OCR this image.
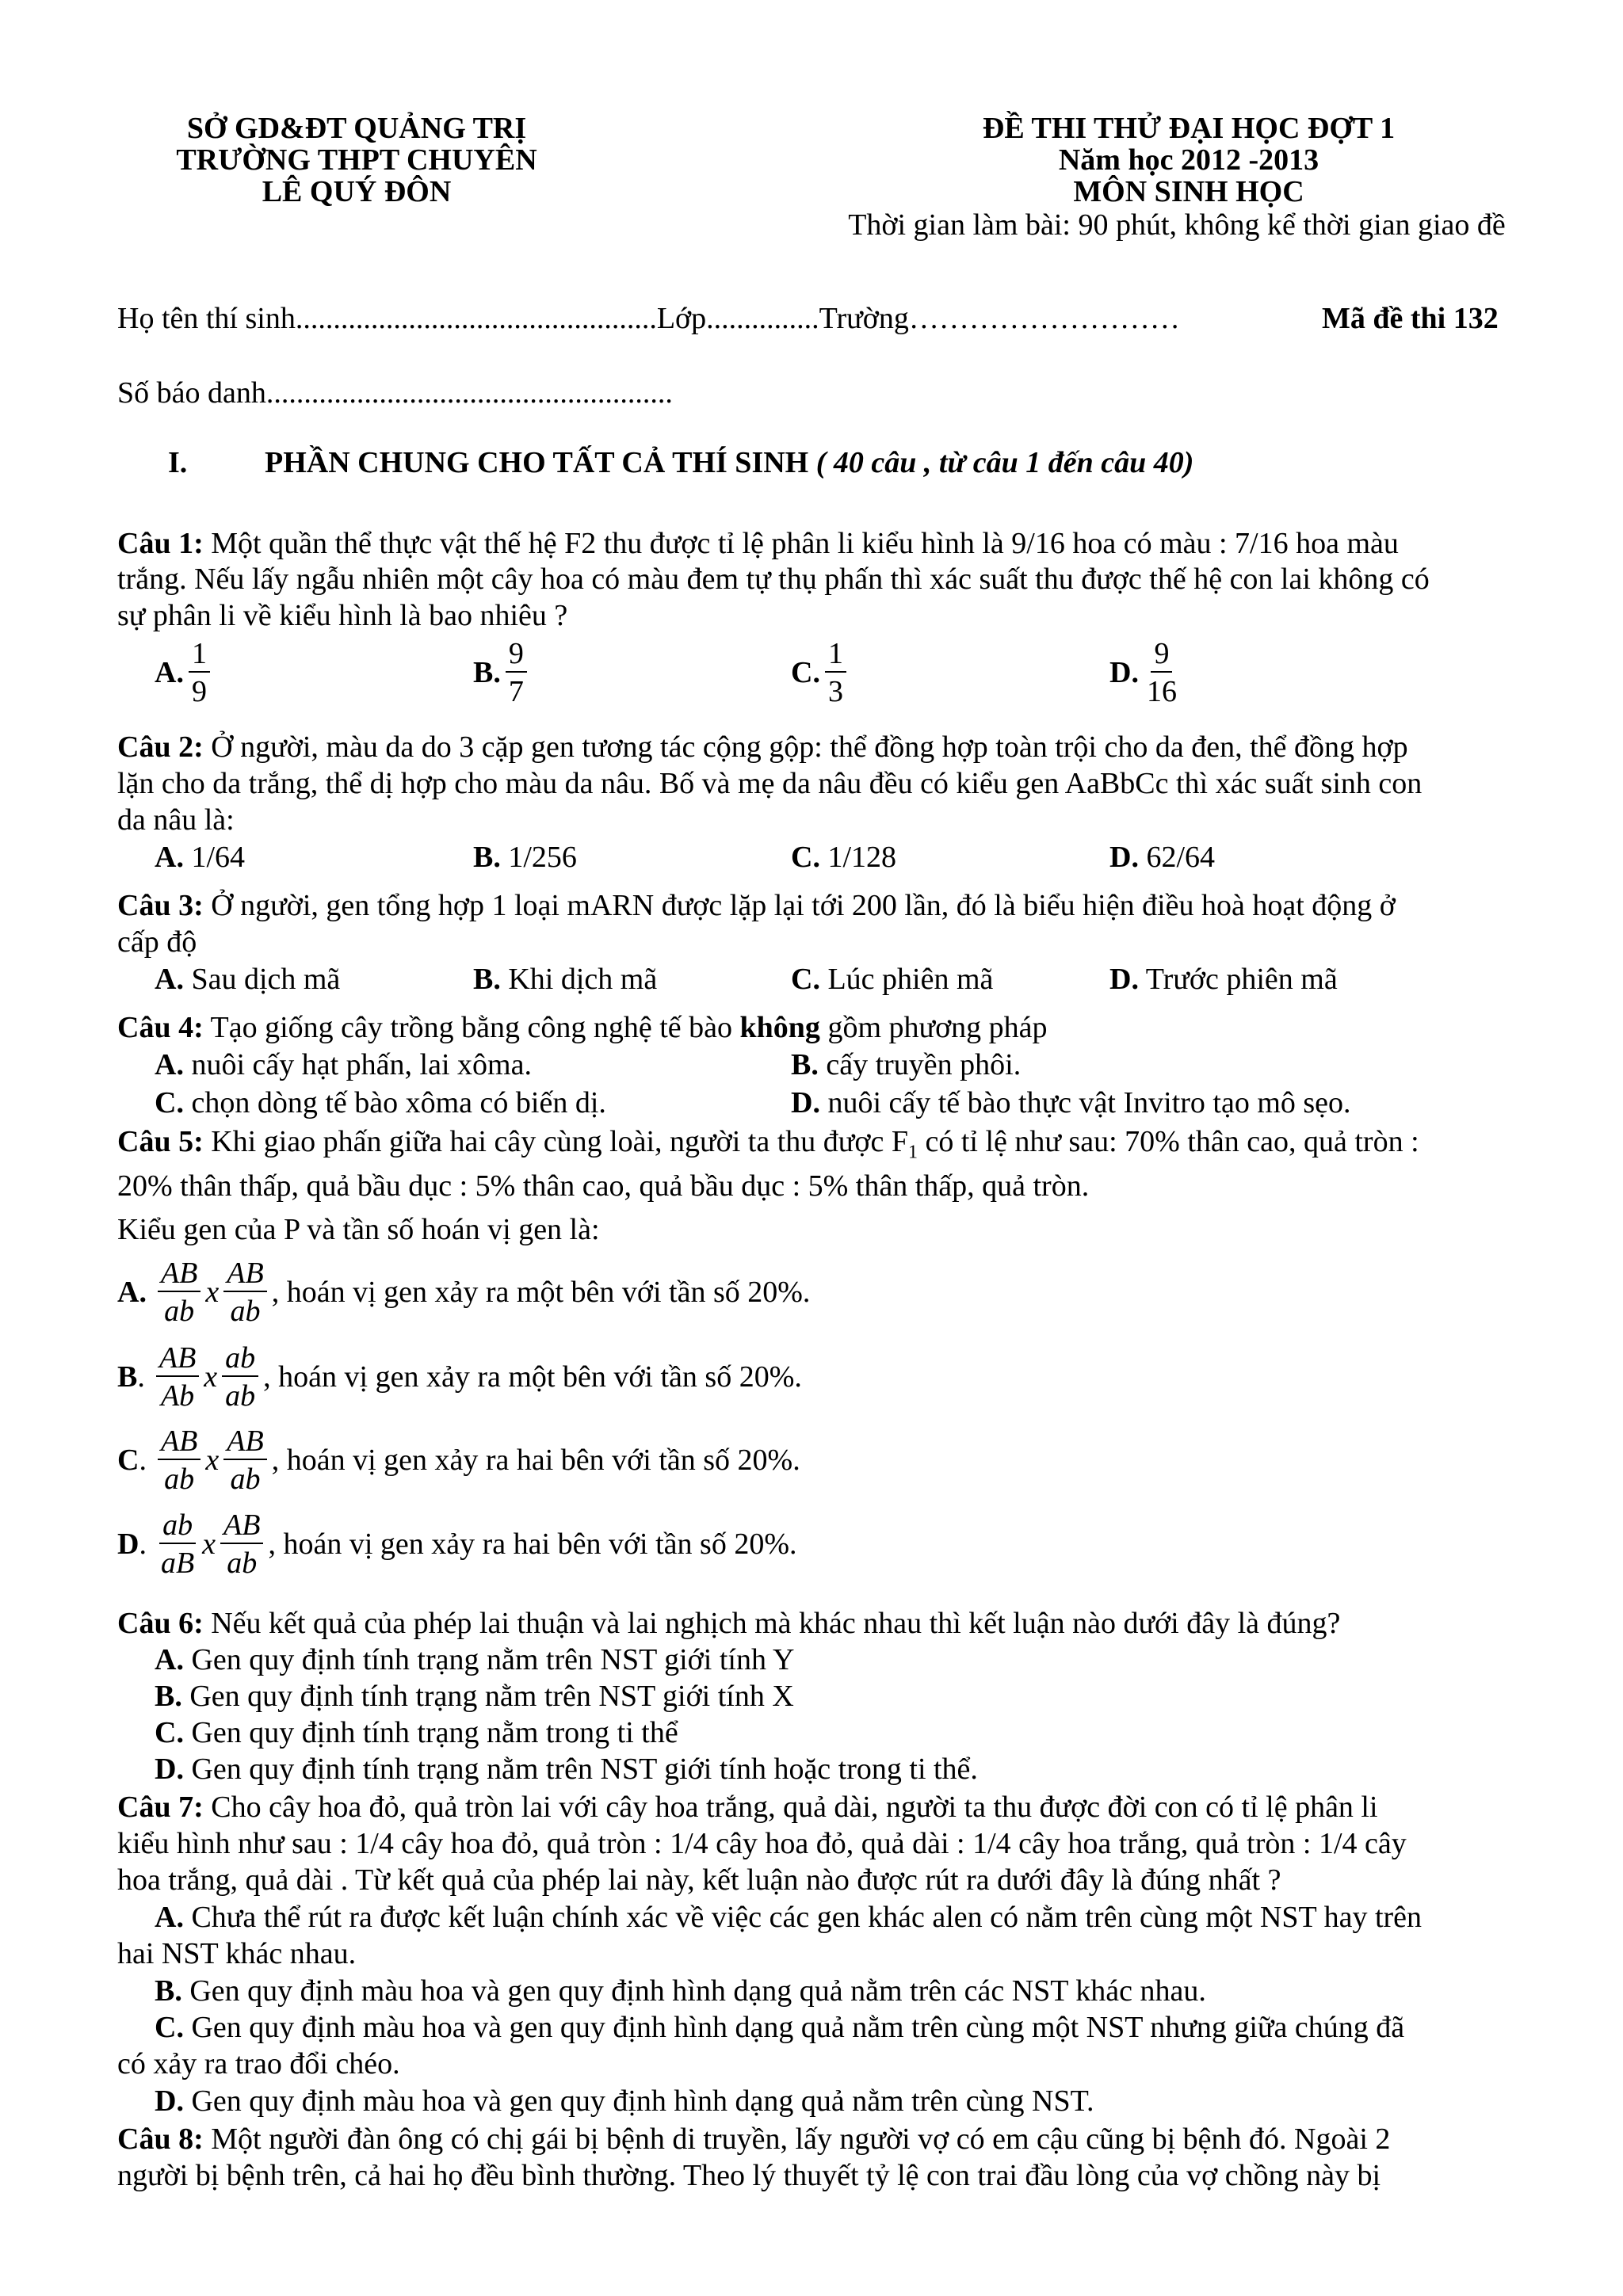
SỞ GD&ĐT QUẢNG TRỊ
TRƯỜNG THPT CHUYÊN
LÊ QUÝ ĐÔN
ĐỀ THI THỬ ĐẠI HỌC ĐỢT 1
Năm học 2012 -2013
MÔN SINH HỌC
Thời gian làm bài: 90 phút, không kể thời gian giao đề
Họ tên thí sinh................................................Lớp...............Trường………………………	Mã đề thi 132
Số báo danh......................................................
I.	PHẦN CHUNG CHO TẤT CẢ THÍ SINH ( 40 câu , từ câu 1 đến câu 40)
Câu 1: Một quần thể thực vật thế hệ F2 thu được tỉ lệ phân li kiểu hình là 9/16 hoa có màu : 7/16 hoa màu
trắng. Nếu lấy ngẫu nhiên một cây hoa có màu đem tự thụ phấn thì xác suất thu được thế hệ con lai không có
sự phân li về kiểu hình là bao nhiêu ?
A. $\frac{1}{9}$	B. $\frac{9}{7}$	C. $\frac{1}{3}$	D. $\frac{9}{16}$
Câu 2: Ở người, màu da do 3 cặp gen tương tác cộng gộp: thể đồng hợp toàn trội cho da đen, thể đồng hợp
lặn cho da trắng, thể dị hợp cho màu da nâu. Bố và mẹ da nâu đều có kiểu gen AaBbCc thì xác suất sinh con
da nâu là:
A. 1/64	B. 1/256	C. 1/128	D. 62/64
Câu 3: Ở người, gen tổng hợp 1 loại mARN được lặp lại tới 200 lần, đó là biểu hiện điều hoà hoạt động ở
cấp độ
A. Sau dịch mã	B. Khi dịch mã	C. Lúc phiên mã	D. Trước phiên mã
Câu 4: Tạo giống cây trồng bằng công nghệ tế bào không gồm phương pháp
A. nuôi cấy hạt phấn, lai xôma.	B. cấy truyền phôi.
C. chọn dòng tế bào xôma có biến dị.	D. nuôi cấy tế bào thực vật Invitro tạo mô sẹo.
Câu 5: Khi giao phấn giữa hai cây cùng loài, người ta thu được $F_1$ có tỉ lệ như sau: 70% thân cao, quả tròn :
20% thân thấp, quả bầu dục : 5% thân cao, quả bầu dục : 5% thân thấp, quả tròn.
Kiểu gen của P và tần số hoán vị gen là:
A. $\frac{AB}{ab}$ x $\frac{AB}{ab}$ , hoán vị gen xảy ra một bên với tần số 20%.
B . $\frac{AB}{Ab}$ x $\frac{ab}{ab}$ , hoán vị gen xảy ra một bên với tần số 20%.
C . $\frac{AB}{ab}$ x $\frac{AB}{ab}$ , hoán vị gen xảy ra hai bên với tần số 20%.
D . $\frac{ab}{aB}$ x $\frac{AB}{ab}$ , hoán vị gen xảy ra hai bên với tần số 20%.
Câu 6: Nếu kết quả của phép lai thuận và lai nghịch mà khác nhau thì kết luận nào dưới đây là đúng?
A. Gen quy định tính trạng nằm trên NST giới tính Y
B. Gen quy định tính trạng nằm trên NST giới tính X
C. Gen quy định tính trạng nằm trong ti thể
D. Gen quy định tính trạng nằm trên NST giới tính hoặc trong ti thể.
Câu 7: Cho cây hoa đỏ, quả tròn lai với cây hoa trắng, quả dài, người ta thu được đời con có tỉ lệ phân li
kiểu hình như sau : 1/4 cây hoa đỏ, quả tròn : 1/4 cây hoa đỏ, quả dài : 1/4 cây hoa trắng, quả tròn : 1/4 cây
hoa trắng, quả dài . Từ kết quả của phép lai này, kết luận nào được rút ra dưới đây là đúng nhất ?
A. Chưa thể rút ra được kết luận chính xác về việc các gen khác alen có nằm trên cùng một NST hay trên
hai NST khác nhau.
B. Gen quy định màu hoa và gen quy định hình dạng quả nằm trên các NST khác nhau.
C. Gen quy định màu hoa và gen quy định hình dạng quả nằm trên cùng một NST nhưng giữa chúng đã
có xảy ra trao đổi chéo.
D. Gen quy định màu hoa và gen quy định hình dạng quả nằm trên cùng NST.
Câu 8: Một người đàn ông có chị gái bị bệnh di truyền, lấy người vợ có em cậu cũng bị bệnh đó. Ngoài 2
người bị bệnh trên, cả hai họ đều bình thường. Theo lý thuyết tỷ lệ con trai đầu lòng của vợ chồng này bị
